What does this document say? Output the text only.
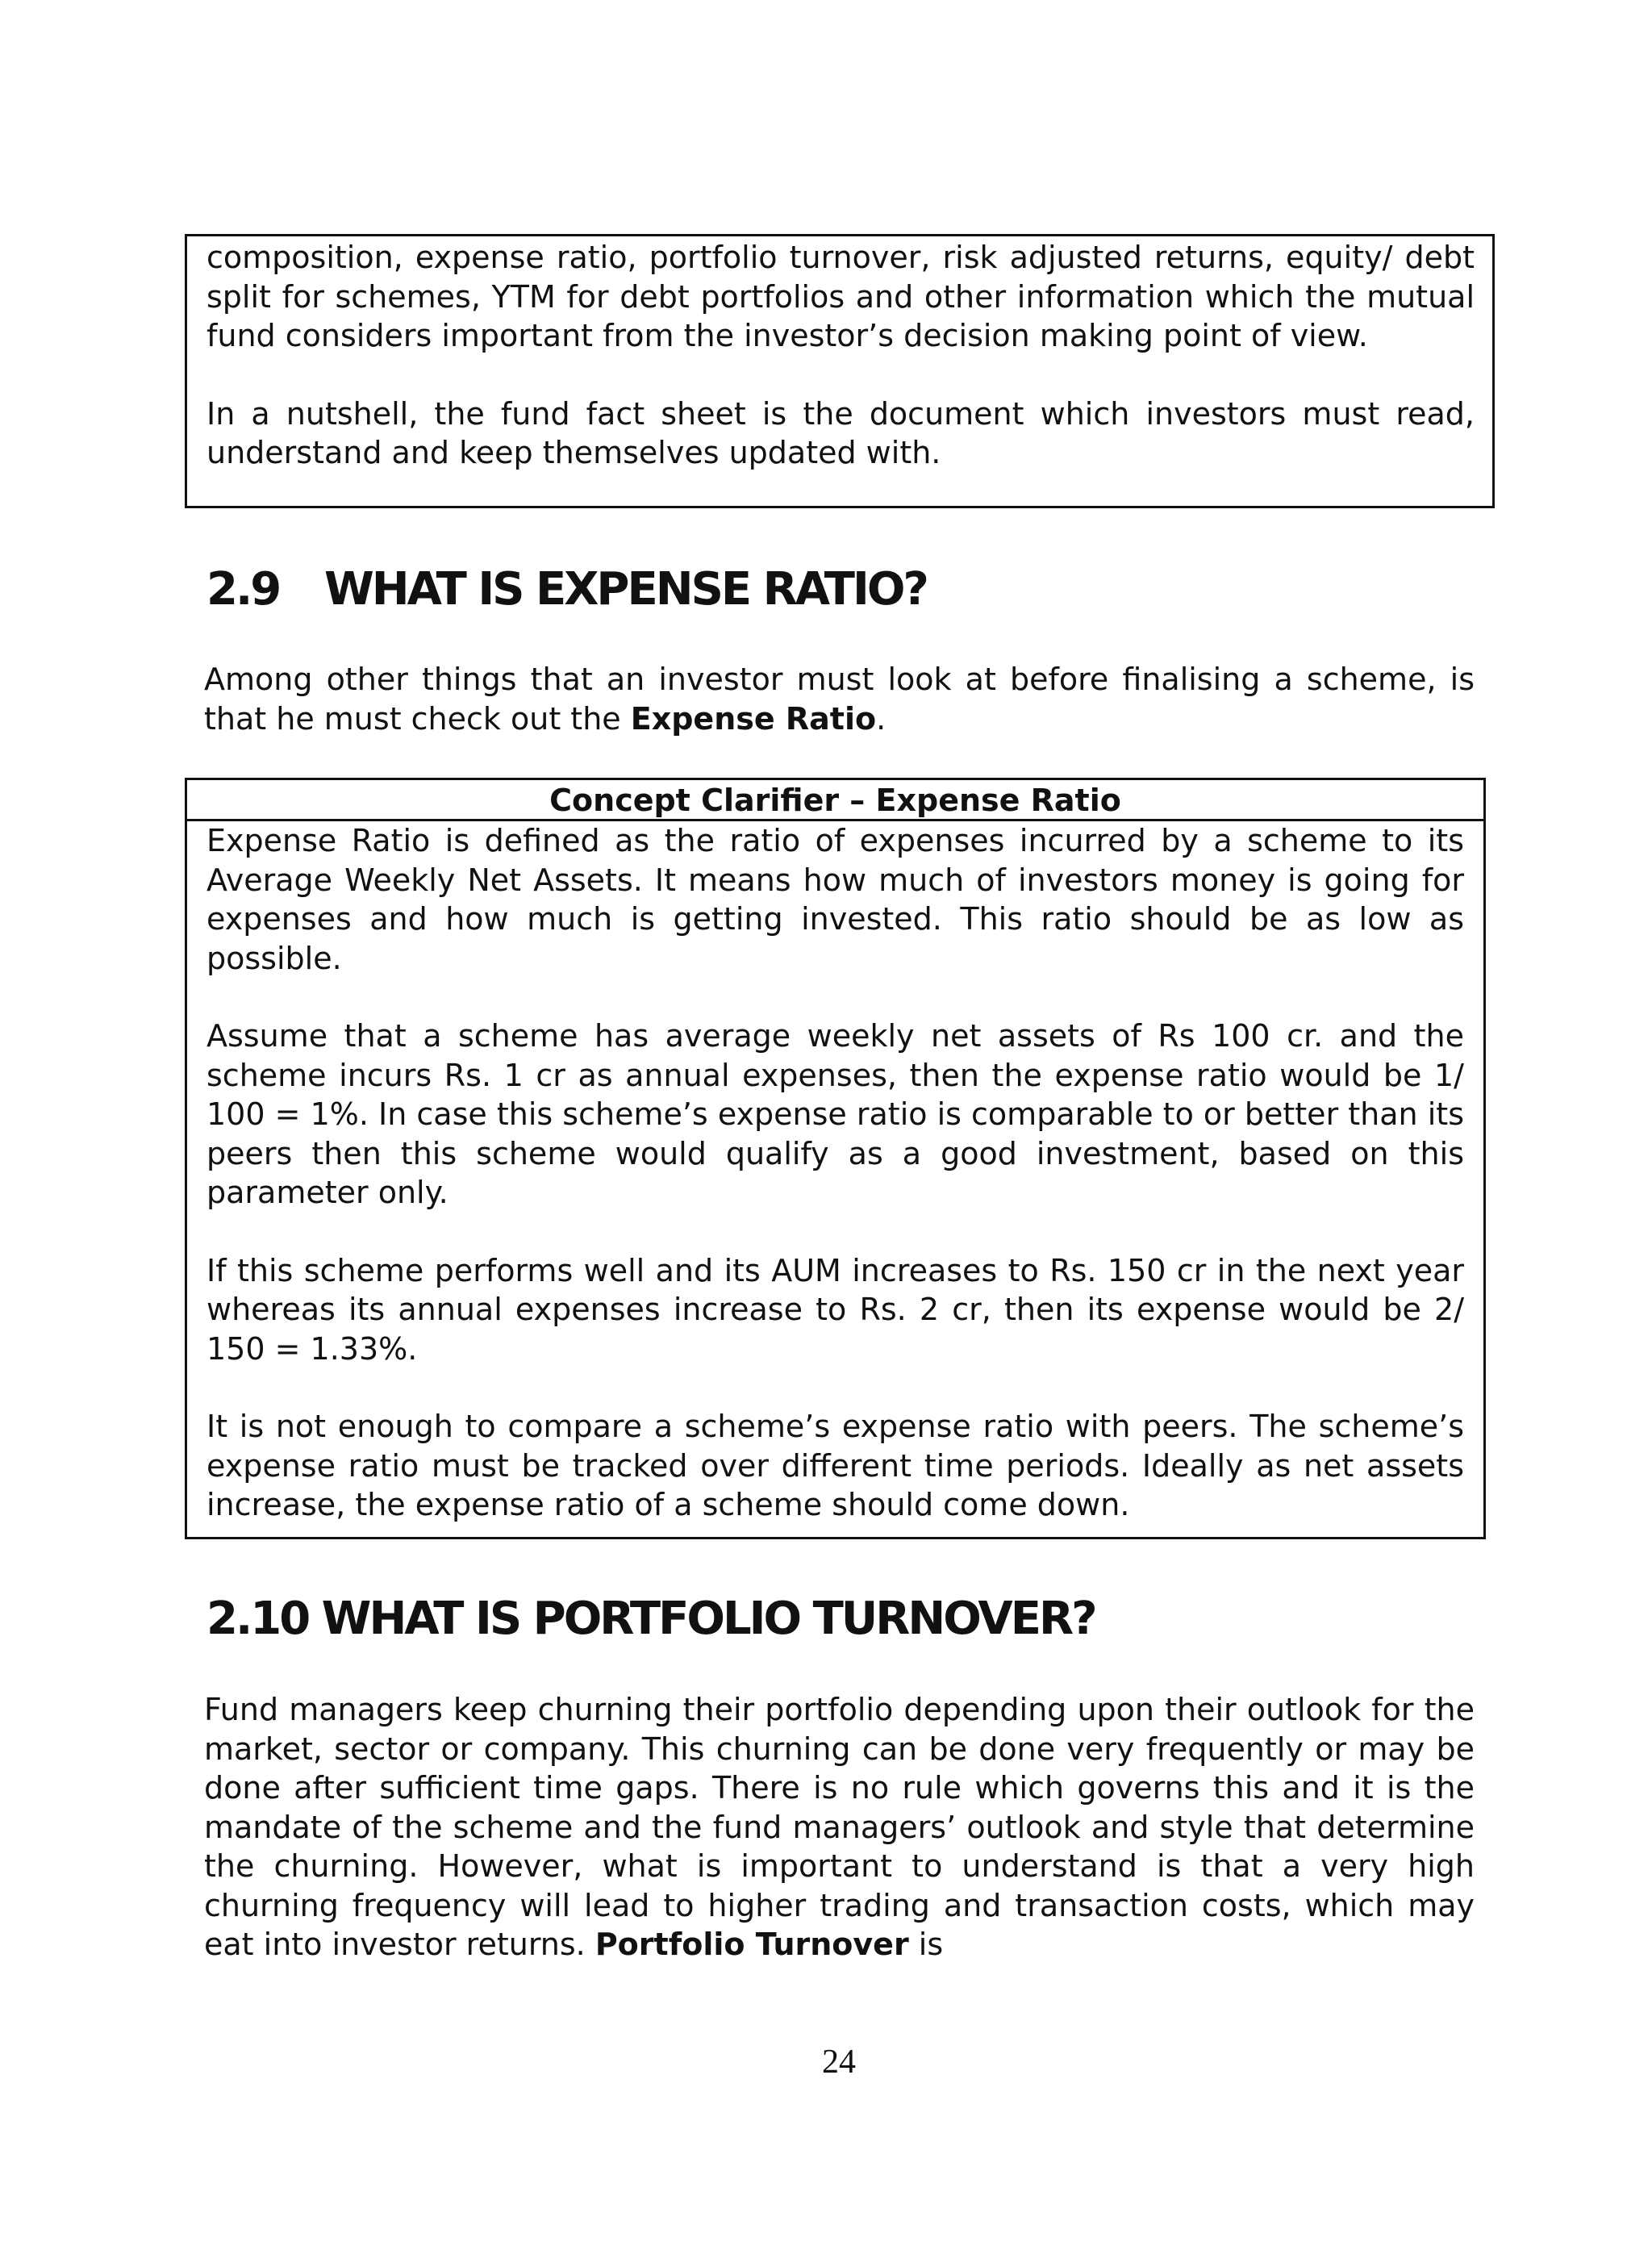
composition, expense ratio, portfolio turnover, risk adjusted returns, equity/ debt split for schemes, YTM for debt portfolios and other information which the mutual fund considers important from the investor’s decision making point of view.

In a nutshell, the fund fact sheet is the document which investors must read, understand and keep themselves updated with.

2.9 WHAT IS EXPENSE RATIO?

Among other things that an investor must look at before finalising a scheme, is that he must check out the Expense Ratio.

Concept Clarifier – Expense Ratio

Expense Ratio is defined as the ratio of expenses incurred by a scheme to its Average Weekly Net Assets. It means how much of investors money is going for expenses and how much is getting invested. This ratio should be as low as possible.

Assume that a scheme has average weekly net assets of Rs 100 cr. and the scheme incurs Rs. 1 cr as annual expenses, then the expense ratio would be 1/ 100 = 1%. In case this scheme’s expense ratio is comparable to or better than its peers then this scheme would qualify as a good investment, based on this parameter only.

If this scheme performs well and its AUM increases to Rs. 150 cr in the next year whereas its annual expenses increase to Rs. 2 cr, then its expense would be 2/ 150 = 1.33%.

It is not enough to compare a scheme’s expense ratio with peers. The scheme’s expense ratio must be tracked over different time periods. Ideally as net assets increase, the expense ratio of a scheme should come down.

2.10 WHAT IS PORTFOLIO TURNOVER?

Fund managers keep churning their portfolio depending upon their outlook for the market, sector or company. This churning can be done very frequently or may be done after sufficient time gaps. There is no rule which governs this and it is the mandate of the scheme and the fund managers’ outlook and style that determine the churning. However, what is important to understand is that a very high churning frequency will lead to higher trading and transaction costs, which may eat into investor returns. Portfolio Turnover is

24
